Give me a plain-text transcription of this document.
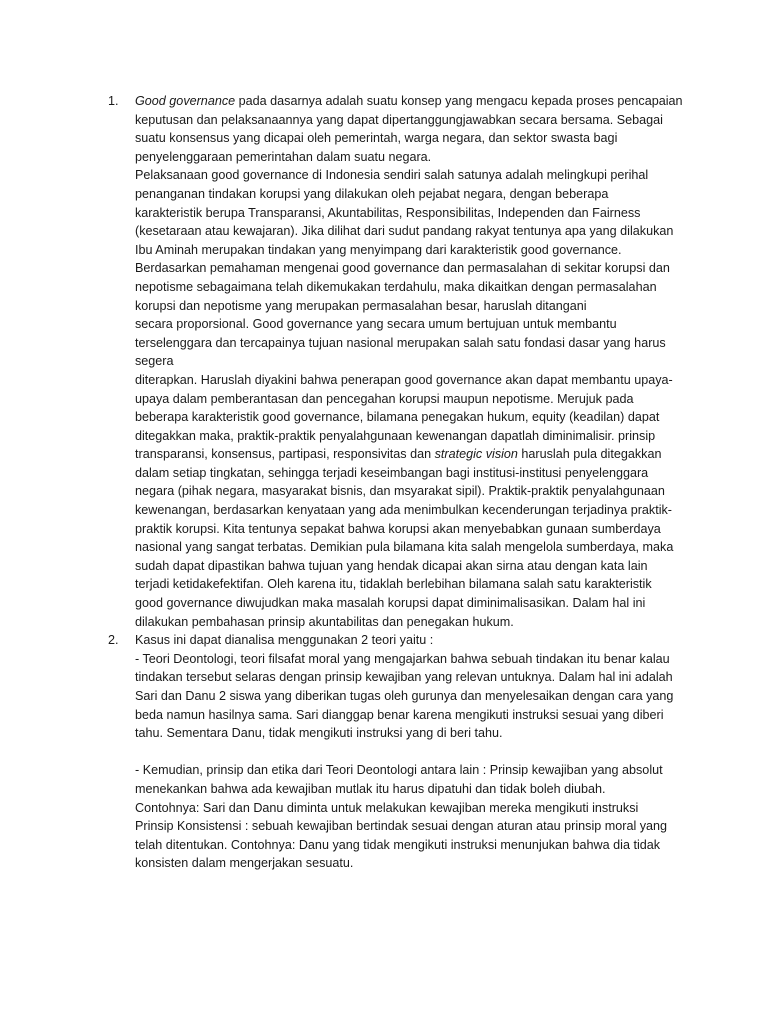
1. Good governance pada dasarnya adalah suatu konsep yang mengacu kepada proses pencapaian
keputusan dan pelaksanaannya yang dapat dipertanggungjawabkan secara bersama. Sebagai
suatu konsensus yang dicapai oleh pemerintah, warga negara, dan sektor swasta bagi
penyelenggaraan pemerintahan dalam suatu negara.
Pelaksanaan good governance di Indonesia sendiri salah satunya adalah melingkupi perihal
penanganan tindakan korupsi yang dilakukan oleh pejabat negara, dengan beberapa
karakteristik berupa Transparansi, Akuntabilitas, Responsibilitas, Independen dan Fairness
(kesetaraan atau kewajaran). Jika dilihat dari sudut pandang rakyat tentunya apa yang dilakukan
Ibu Aminah merupakan tindakan yang menyimpang dari karakteristik good governance.
Berdasarkan pemahaman mengenai good governance dan permasalahan di sekitar korupsi dan
nepotisme sebagaimana telah dikemukakan terdahulu, maka dikaitkan dengan permasalahan
korupsi dan nepotisme yang merupakan permasalahan besar, haruslah ditangani
secara proporsional. Good governance yang secara umum bertujuan untuk membantu
terselenggara dan tercapainya tujuan nasional merupakan salah satu fondasi dasar yang harus
segera
diterapkan. Haruslah diyakini bahwa penerapan good governance akan dapat membantu upaya-
upaya dalam pemberantasan dan pencegahan korupsi maupun nepotisme. Merujuk pada
beberapa karakteristik good governance, bilamana penegakan hukum, equity (keadilan) dapat
ditegakkan maka, praktik-praktik penyalahgunaan kewenangan dapatlah diminimalisir. prinsip
transparansi, konsensus, partipasi, responsivitas dan strategic vision haruslah pula ditegakkan
dalam setiap tingkatan, sehingga terjadi keseimbangan bagi institusi-institusi penyelenggara
negara (pihak negara, masyarakat bisnis, dan msyarakat sipil). Praktik-praktik penyalahgunaan
kewenangan, berdasarkan kenyataan yang ada menimbulkan kecenderungan terjadinya praktik-
praktik korupsi. Kita tentunya sepakat bahwa korupsi akan menyebabkan gunaan sumberdaya
nasional yang sangat terbatas. Demikian pula bilamana kita salah mengelola sumberdaya, maka
sudah dapat dipastikan bahwa tujuan yang hendak dicapai akan sirna atau dengan kata lain
terjadi ketidakefektifan. Oleh karena itu, tidaklah berlebihan bilamana salah satu karakteristik
good governance diwujudkan maka masalah korupsi dapat diminimalisasikan. Dalam hal ini
dilakukan pembahasan prinsip akuntabilitas dan penegakan hukum.
2. Kasus ini dapat dianalisa menggunakan 2 teori yaitu :
- Teori Deontologi, teori filsafat moral yang mengajarkan bahwa sebuah tindakan itu benar kalau
tindakan tersebut selaras dengan prinsip kewajiban yang relevan untuknya. Dalam hal ini adalah
Sari dan Danu 2 siswa yang diberikan tugas oleh gurunya dan menyelesaikan dengan cara yang
beda namun hasilnya sama. Sari dianggap benar karena mengikuti instruksi sesuai yang diberi
tahu. Sementara Danu, tidak mengikuti instruksi yang di beri tahu.
- Kemudian, prinsip dan etika dari Teori Deontologi antara lain : Prinsip kewajiban yang absolut
menekankan bahwa ada kewajiban mutlak itu harus dipatuhi dan tidak boleh diubah.
Contohnya: Sari dan Danu diminta untuk melakukan kewajiban mereka mengikuti instruksi
Prinsip Konsistensi : sebuah kewajiban bertindak sesuai dengan aturan atau prinsip moral yang
telah ditentukan. Contohnya: Danu yang tidak mengikuti instruksi menunjukan bahwa dia tidak
konsisten dalam mengerjakan sesuatu.
